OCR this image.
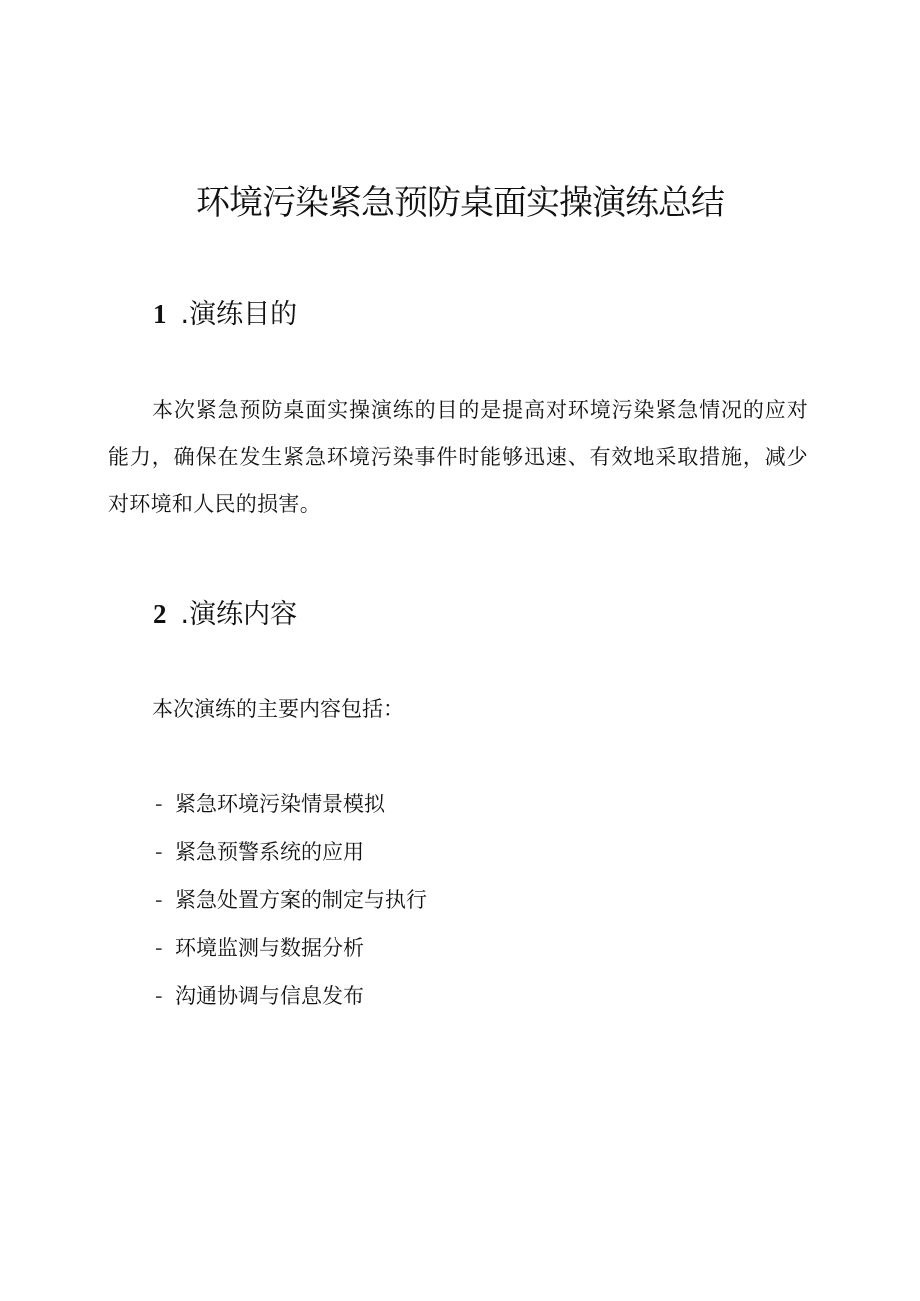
环境污染紧急预防桌面实操演练总结
1 .演练目的

本次紧急预防桌面实操演练的目的是提高对环境污染紧急情况的应对能力，确保在发生紧急环境污染事件时能够迅速、有效地采取措施，减少对环境和人民的损害。

2 .演练内容

本次演练的主要内容包括：

- 紧急环境污染情景模拟
- 紧急预警系统的应用
- 紧急处置方案的制定与执行
- 环境监测与数据分析
- 沟通协调与信息发布
